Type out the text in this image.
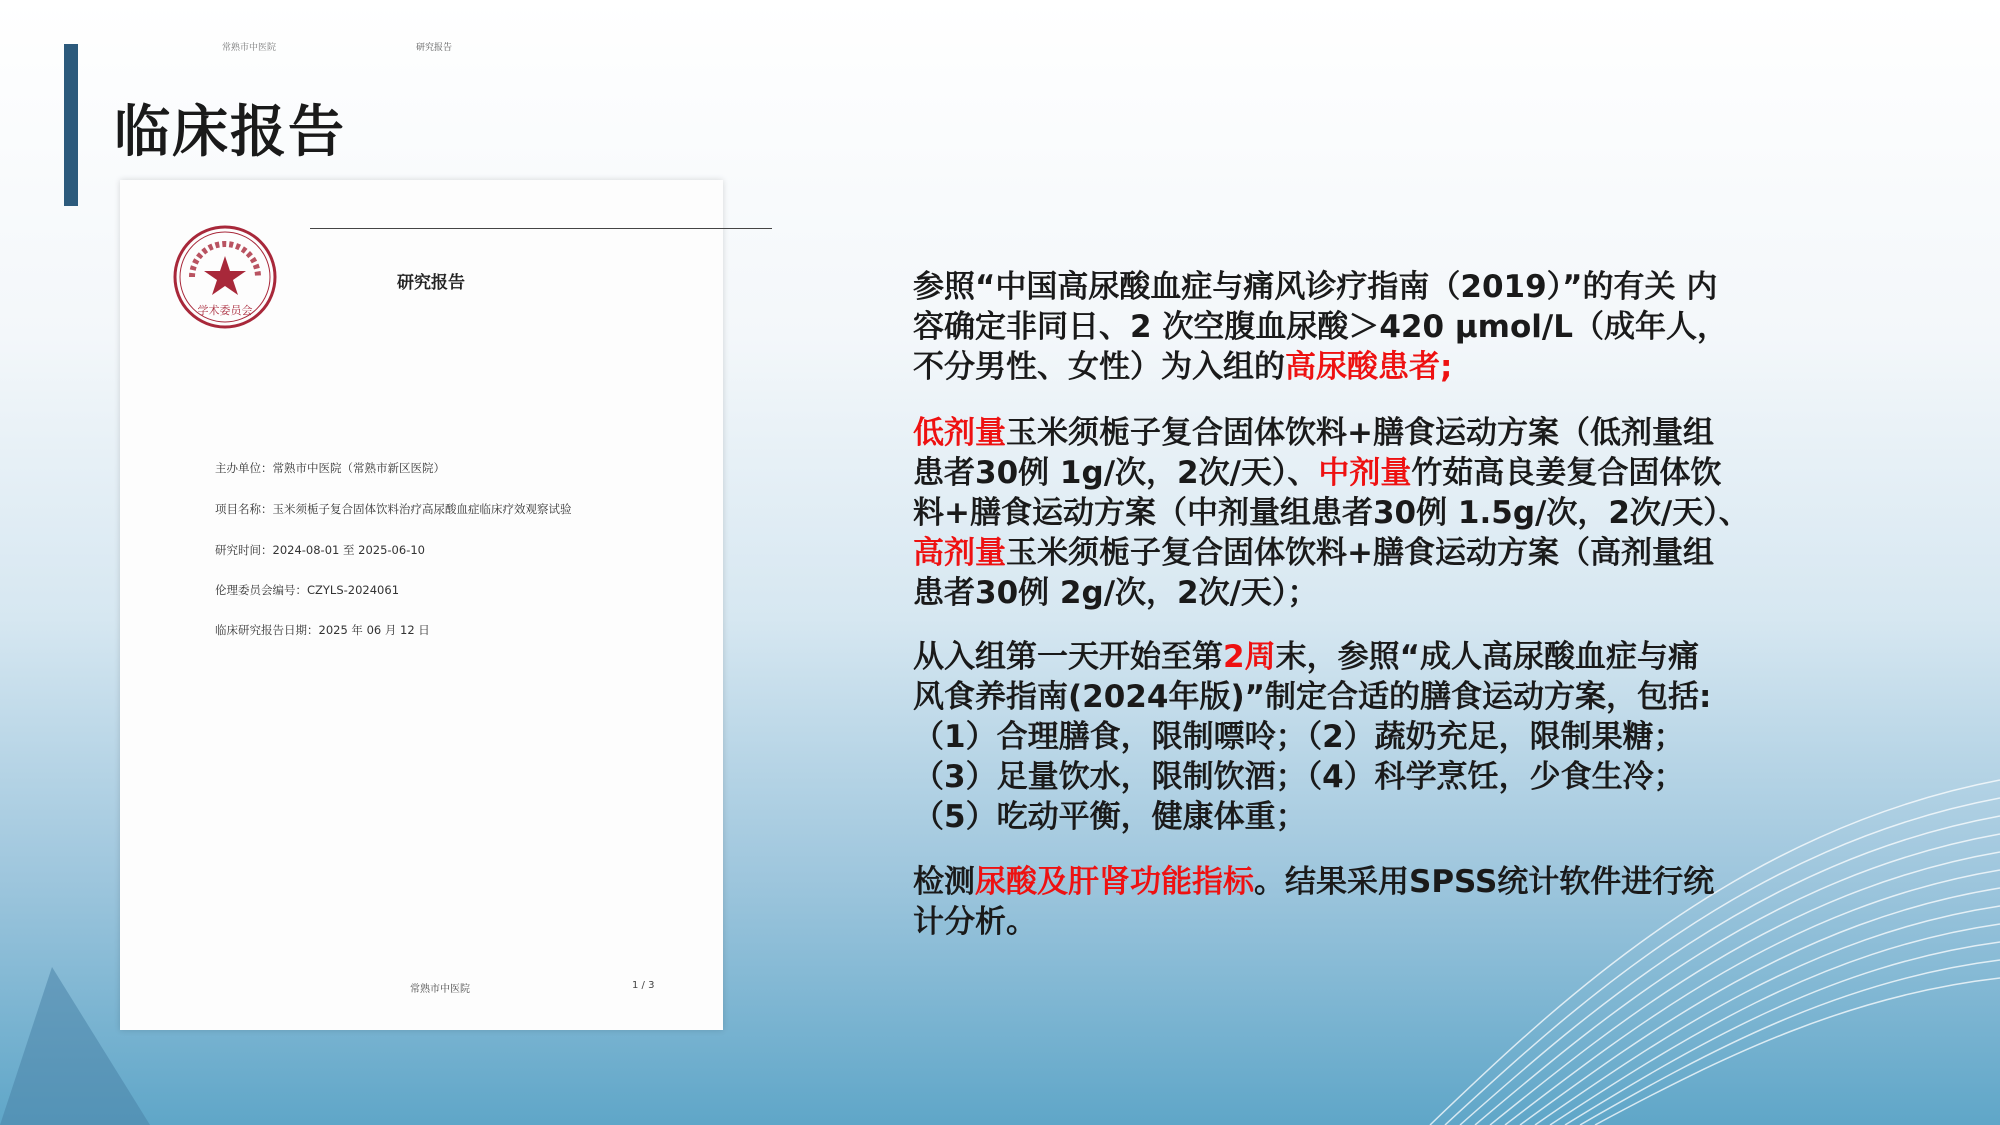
临床报告
常熟市中医院	研究报告
学术委员会
研究报告
主办单位：常熟市中医院（常熟市新区医院）
项目名称：玉米须栀子复合固体饮料治疗高尿酸血症临床疗效观察试验
研究时间：2024-08-01 至 2025-06-10
伦理委员会编号：CZYLS-2024061
临床研究报告日期：2025 年 06 月 12 日
常熟市中医院	1 / 3
参照“中国高尿酸血症与痛风诊疗指南（2019）”的有关 内
容确定非同日、2 次空腹血尿酸＞420 μmol/L（成年人，
不分男性、女性）为入组的高尿酸患者;
低剂量玉米须栀子复合固体饮料+膳食运动方案（低剂量组
患者30例 1g/次，2次/天）、中剂量竹茹高良姜复合固体饮
料+膳食运动方案（中剂量组患者30例 1.5g/次，2次/天）、
高剂量玉米须栀子复合固体饮料+膳食运动方案（高剂量组
患者30例 2g/次，2次/天）；
从入组第一天开始至第2周末，参照“成人高尿酸血症与痛
风食养指南(2024年版)”制定合适的膳食运动方案，包括:
（1）合理膳食，限制嘌呤；（2）蔬奶充足，限制果糖；
（3）足量饮水，限制饮酒；（4）科学烹饪，少食生冷；
（5）吃动平衡，健康体重；
检测尿酸及肝肾功能指标。结果采用SPSS统计软件进行统
计分析。
